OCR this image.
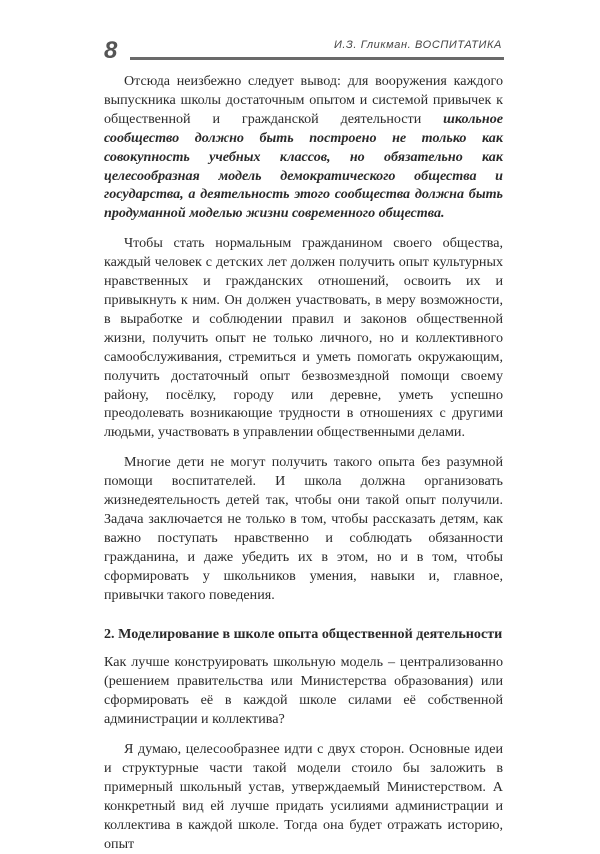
8	И.З. Гликман. ВОСПИТАТИКА

Отсюда неизбежно следует вывод: для вооружения каждого выпускника школы достаточным опытом и системой привычек к общественной и гражданской деятельности школьное сообщество должно быть построено не только как совокупность учебных классов, но обязательно как целесообразная модель демократического общества и государства, а деятельность этого сообщества должна быть продуманной моделью жизни современного общества.

Чтобы стать нормальным гражданином своего общества, каждый человек с детских лет должен получить опыт культурных нравственных и гражданских отношений, освоить их и привыкнуть к ним. Он должен участвовать, в меру возможности, в выработке и соблюдении правил и законов общественной жизни, получить опыт не только личного, но и коллективного самообслуживания, стремиться и уметь помогать окружающим, получить достаточный опыт безвозмездной помощи своему району, посёлку, городу или деревне, уметь успешно преодолевать возникающие трудности в отношениях с другими людьми, участвовать в управлении общественными делами.

Многие дети не могут получить такого опыта без разумной помощи воспитателей. И школа должна организовать жизнедеятельность детей так, чтобы они такой опыт получили. Задача заключается не только в том, чтобы рассказать детям, как важно поступать нравственно и соблюдать обязанности гражданина, и даже убедить их в этом, но и в том, чтобы сформировать у школьников умения, навыки и, главное, привычки такого поведения.

2. Моделирование в школе опыта общественной деятельности

Как лучше конструировать школьную модель – централизованно (решением правительства или Министерства образования) или сформировать её в каждой школе силами её собственной администрации и коллектива?

Я думаю, целесообразнее идти с двух сторон. Основные идеи и структурные части такой модели стоило бы заложить в примерный школьный устав, утверждаемый Министерством. А конкретный вид ей лучше придать усилиями администрации и коллектива в каждой школе. Тогда она будет отражать историю, опыт
